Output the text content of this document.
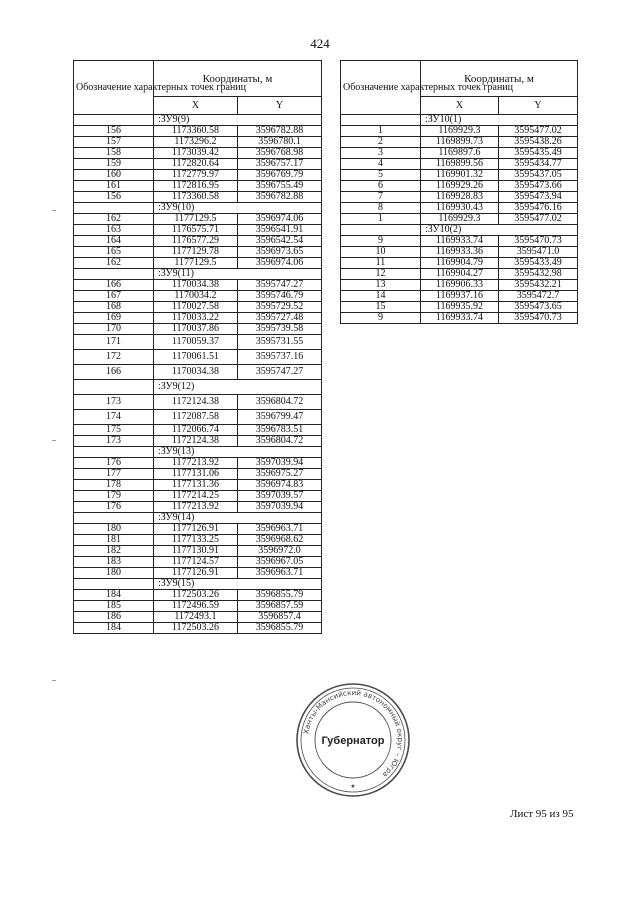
424
Обозначение характерных точек границ	Координаты, м	
	X	Y
	:ЗУ9(9)	
156	1173360.58	3596782.88
157	1173296.2	3596780.1
158	1173039.42	3596768.98
159	1172820.64	3596757.17
160	1172779.97	3596769.79
161	1172816.95	3596755.49
156	1173360.58	3596782.88
	:ЗУ9(10)	
162	1177129.5	3596974.06
163	1176575.71	3596541.91
164	1176577.29	3596542.54
165	1177129.78	3596973.65
162	1177129.5	3596974.06
	:ЗУ9(11)	
166	1170034.38	3595747.27
167	1170034.2	3595746.79
168	1170027.58	3595729.52
169	1170033.22	3595727.48
170	1170037.86	3595739.58
171	1170059.37	3595731.55
172	1170061.51	3595737.16
166	1170034.38	3595747.27
	:ЗУ9(12)	
173	1172124.38	3596804.72
174	1172087.58	3596799.47
175	1172066.74	3596783.51
173	1172124.38	3596804.72
	:ЗУ9(13)	
176	1177213.92	3597039.94
177	1177131.06	3596975.27
178	1177131.36	3596974.83
179	1177214.25	3597039.57
176	1177213.92	3597039.94
	:ЗУ9(14)	
180	1177126.91	3596963.71
181	1177133.25	3596968.62
182	1177130.91	3596972.0
183	1177124.57	3596967.05
180	1177126.91	3596963.71
	:ЗУ9(15)	
184	1172503.26	3596855.79
185	1172496.59	3596857.59
186	1172493.1	3596857.4
184	1172503.26	3596855.79
Обозначение характерных точек границ	Координаты, м	
	X	Y
	:ЗУ10(1)	
1	1169929.3	3595477.02
2	1169899.73	3595438.26
3	1169897.6	3595435.49
4	1169899.56	3595434.77
5	1169901.32	3595437.05
6	1169929.26	3595473.66
7	1169928.83	3595473.94
8	1169930.43	3595476.16
1	1169929.3	3595477.02
	:ЗУ10(2)	
9	1169933.74	3595470.73
10	1169933.36	3595471.0
11	1169904.79	3595433.49
12	1169904.27	3595432.98
13	1169906.33	3595432.21
14	1169937.16	3595472.7
15	1169935.92	3595473.65
9	1169933.74	3595470.73
Ханты-Мансийский автономный округ – Югра
Губернатор
★
Лист 95 из 95
